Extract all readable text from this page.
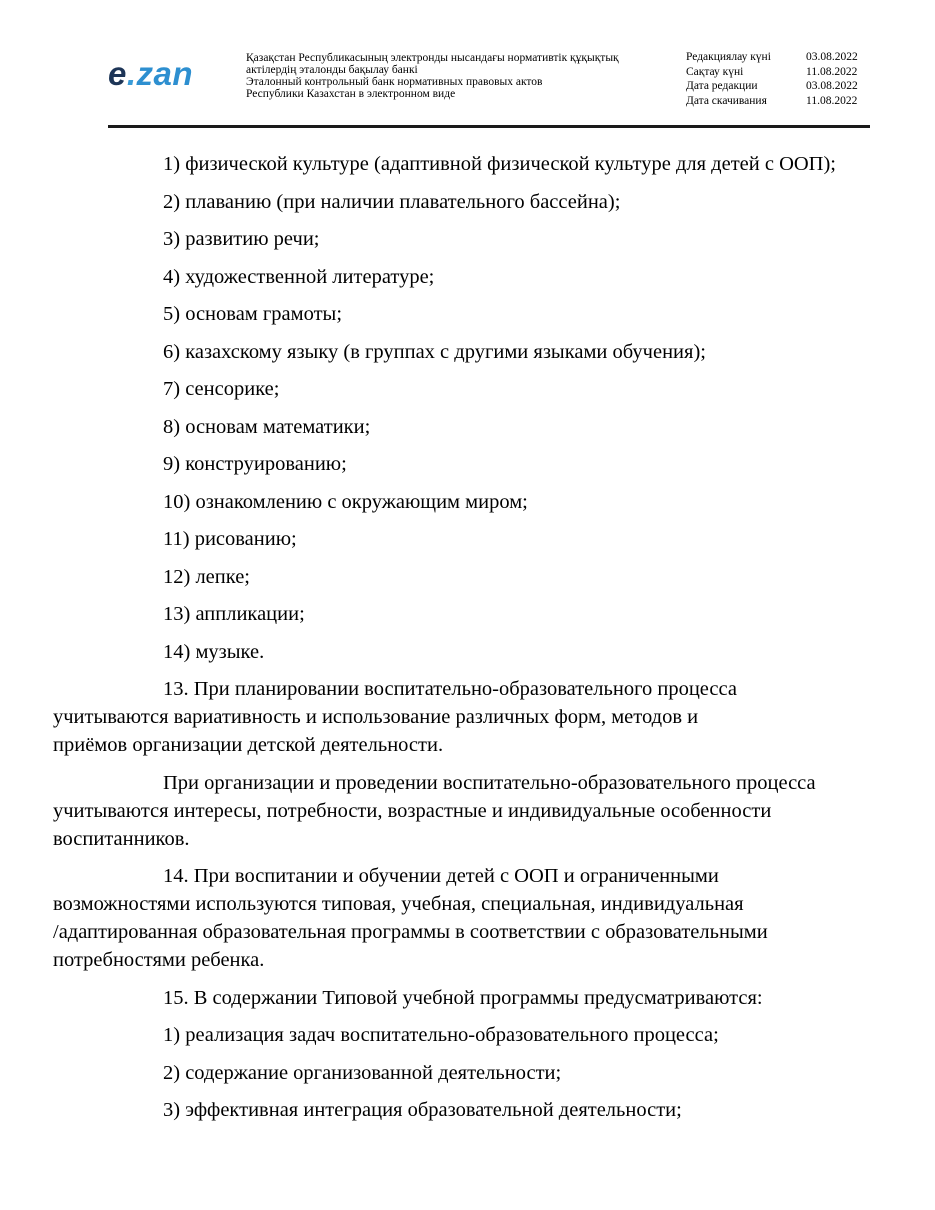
e.zan	Қазақстан Республикасының электронды нысандағы нормативтік құқықтық
актілердің эталонды бақылау банкі
Эталонный контрольный банк нормативных правовых актов
Республики Казахстан в электронном виде
Редакциялау күні	03.08.2022
Сақтау күні	11.08.2022
Дата редакции	03.08.2022
Дата скачивания	11.08.2022

1) физической культуре (адаптивной физической культуре для детей с ООП);

2) плаванию (при наличии плавательного бассейна);

3) развитию речи;

4) художественной литературе;

5) основам грамоты;

6) казахскому языку (в группах с другими языками обучения);

7) сенсорике;

8) основам математики;

9) конструированию;

10) ознакомлению с окружающим миром;

11) рисованию;

12) лепке;

13) аппликации;

14) музыке.

13. При планировании воспитательно-образовательного процесса
учитываются вариативность и использование различных форм, методов и
приёмов организации детской деятельности.

При организации и проведении воспитательно-образовательного процесса
учитываются интересы, потребности, возрастные и индивидуальные особенности
воспитанников.

14. При воспитании и обучении детей с ООП и ограниченными
возможностями используются типовая, учебная, специальная, индивидуальная
/адаптированная образовательная программы в соответствии с образовательными
потребностями ребенка.

15. В содержании Типовой учебной программы предусматриваются:

1) реализация задач воспитательно-образовательного процесса;

2) содержание организованной деятельности;

3) эффективная интеграция образовательной деятельности;
